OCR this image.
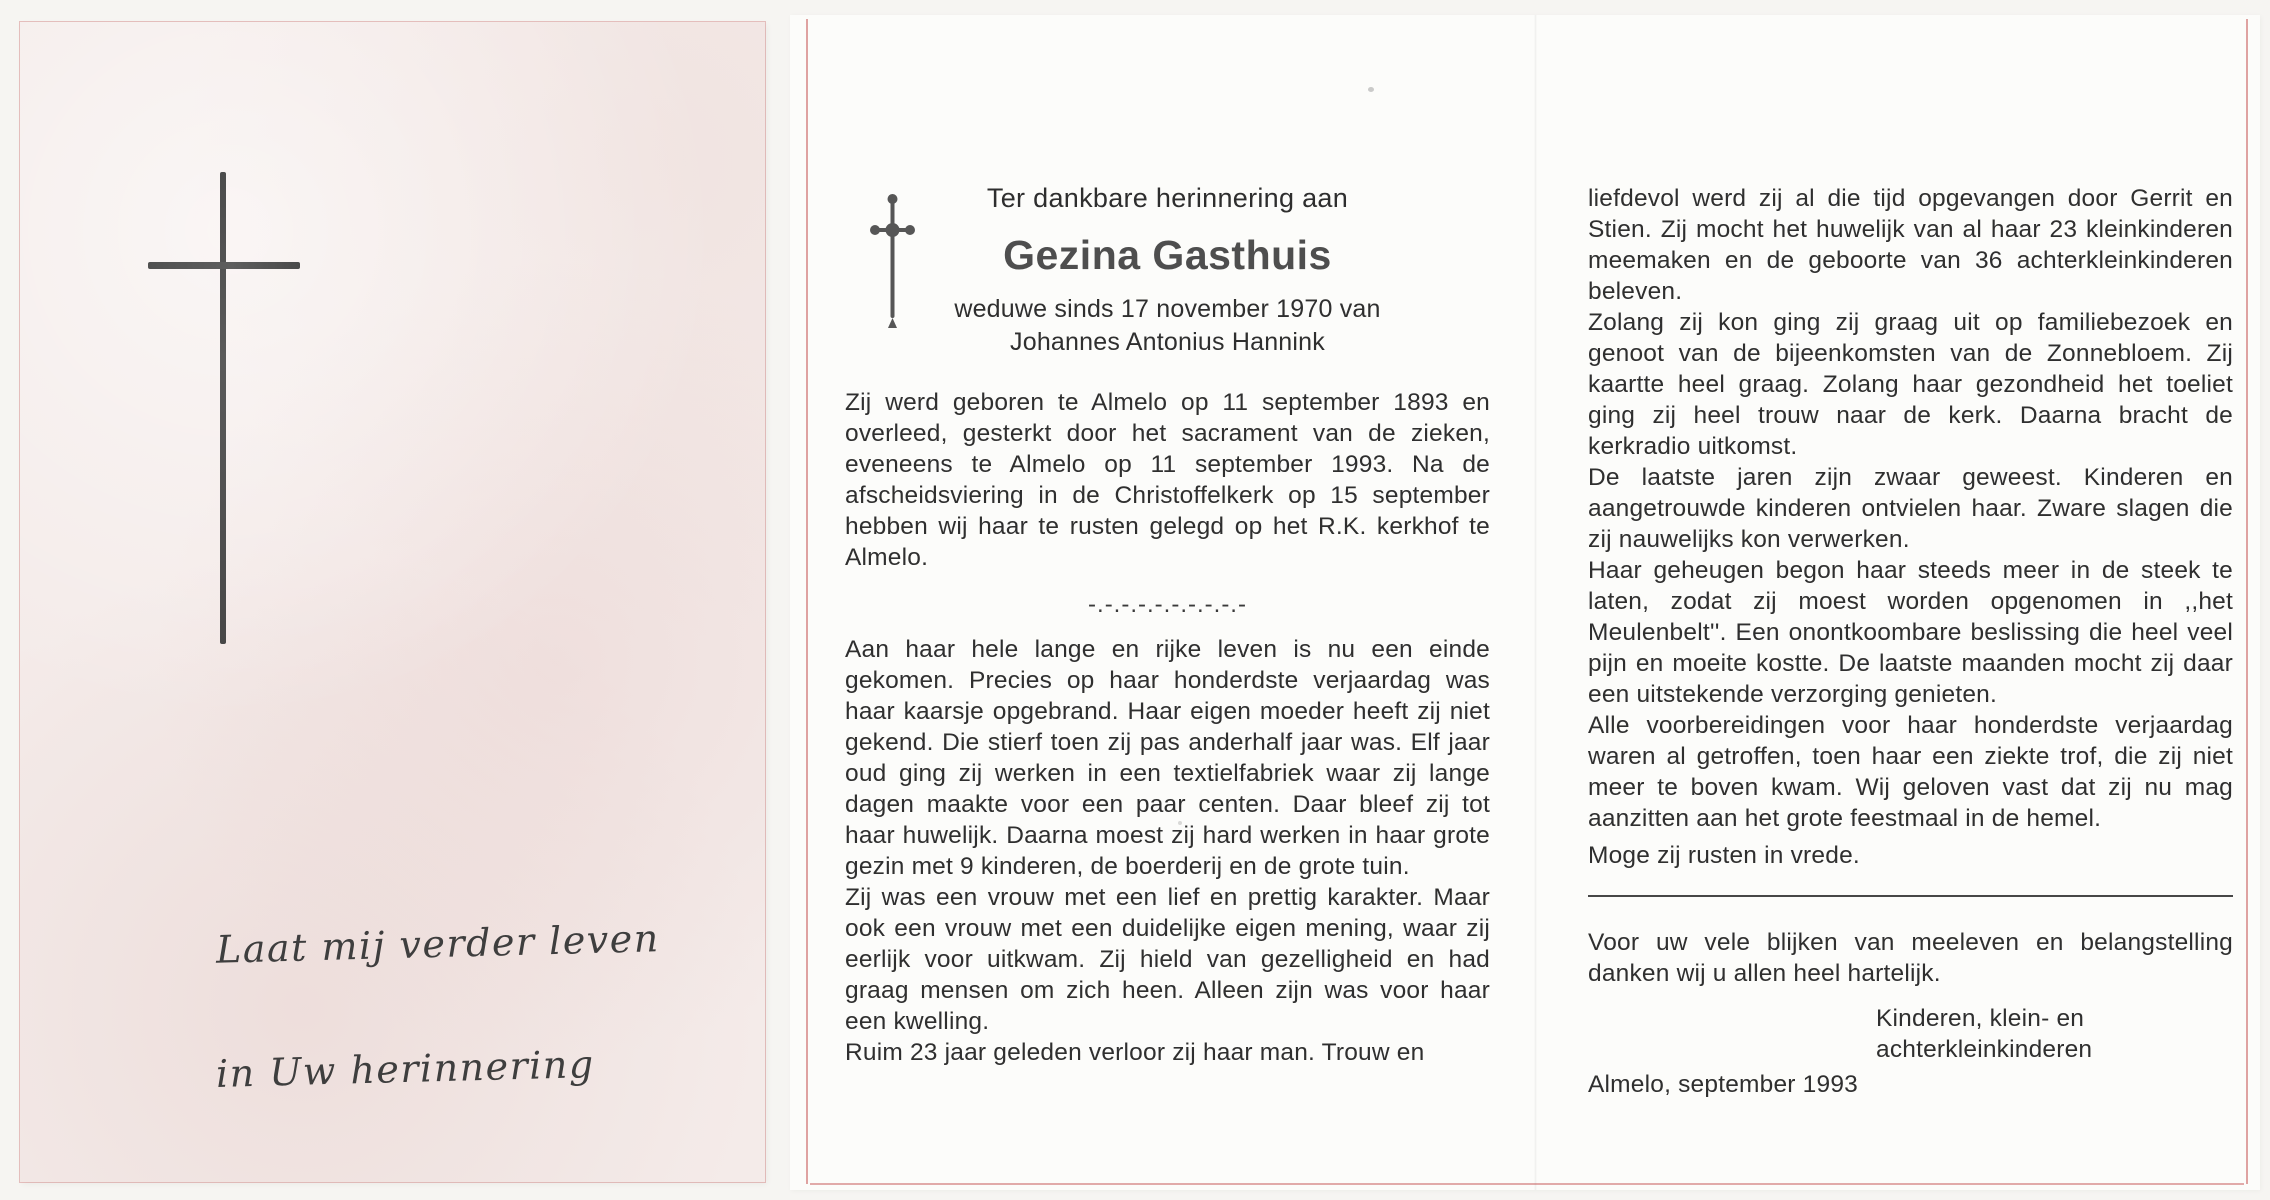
Laat mij verder leven
in Uw herinnering
Ter dankbare herinnering aan
Gezina Gasthuis
weduwe sinds 17 november 1970 van
Johannes Antonius Hannink

Zij werd geboren te Almelo op 11 september 1893 en overleed, gesterkt door het sacrament van de zieken, eveneens te Almelo op 11 september 1993. Na de afscheidsviering in de Christoffelkerk op 15 september hebben wij haar te rusten gelegd op het R.K. kerkhof te Almelo.

-.-.-.-.-.-.-.-.-.-

Aan haar hele lange en rijke leven is nu een einde gekomen. Precies op haar honderdste verjaardag was haar kaarsje opgebrand. Haar eigen moeder heeft zij niet gekend. Die stierf toen zij pas anderhalf jaar was. Elf jaar oud ging zij werken in een textielfabriek waar zij lange dagen maakte voor een paar centen. Daar bleef zij tot haar huwelijk. Daarna moest zij hard werken in haar grote gezin met 9 kinderen, de boerderij en de grote tuin.

Zij was een vrouw met een lief en prettig karakter. Maar ook een vrouw met een duidelijke eigen mening, waar zij eerlijk voor uitkwam. Zij hield van gezelligheid en had graag mensen om zich heen. Alleen zijn was voor haar een kwelling.

Ruim 23 jaar geleden verloor zij haar man. Trouw en

liefdevol werd zij al die tijd opgevangen door Gerrit en Stien. Zij mocht het huwelijk van al haar 23 kleinkinderen meemaken en de geboorte van 36 achterkleinkinderen beleven.

Zolang zij kon ging zij graag uit op familiebezoek en genoot van de bijeenkomsten van de Zonnebloem. Zij kaartte heel graag. Zolang haar gezondheid het toeliet ging zij heel trouw naar de kerk. Daarna bracht de kerkradio uitkomst.

De laatste jaren zijn zwaar geweest. Kinderen en aangetrouwde kinderen ontvielen haar. Zware slagen die zij nauwelijks kon verwerken.

Haar geheugen begon haar steeds meer in de steek te laten, zodat zij moest worden opgenomen in ,,het Meulenbelt''. Een onontkoombare beslissing die heel veel pijn en moeite kostte. De laatste maanden mocht zij daar een uitstekende verzorging genieten.

Alle voorbereidingen voor haar honderdste verjaardag waren al getroffen, toen haar een ziekte trof, die zij niet meer te boven kwam. Wij geloven vast dat zij nu mag aanzitten aan het grote feestmaal in de hemel.

Moge zij rusten in vrede.

Voor uw vele blijken van meeleven en belangstelling danken wij u allen heel hartelijk.

Kinderen, klein- en
achterkleinkinderen
Almelo, september 1993
